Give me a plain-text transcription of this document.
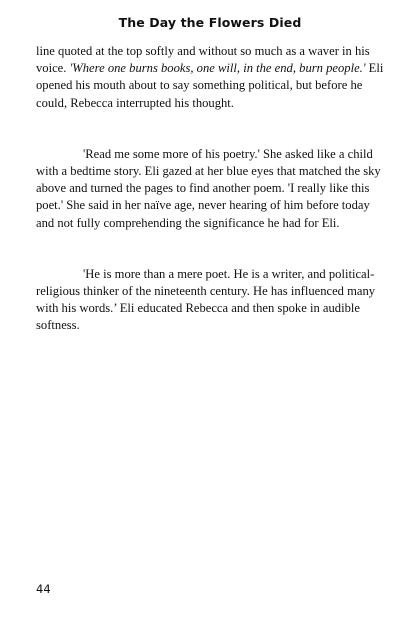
The Day the Flowers Died

line quoted at the top softly and without so much as a waver in his voice. 'Where one burns books, one will, in the end, burn people.' Eli opened his mouth about to say something political, but before he could, Rebecca interrupted his thought.

'Read me some more of his poetry.' She asked like a child with a bedtime story. Eli gazed at her blue eyes that matched the sky above and turned the pages to find another poem. 'I really like this poet.' She said in her naïve age, never hearing of him before today and not fully comprehending the significance he had for Eli.

'He is more than a mere poet. He is a writer, and political-religious thinker of the nineteenth century. He has influenced many with his words.’ Eli educated Rebecca and then spoke in audible softness.

44
